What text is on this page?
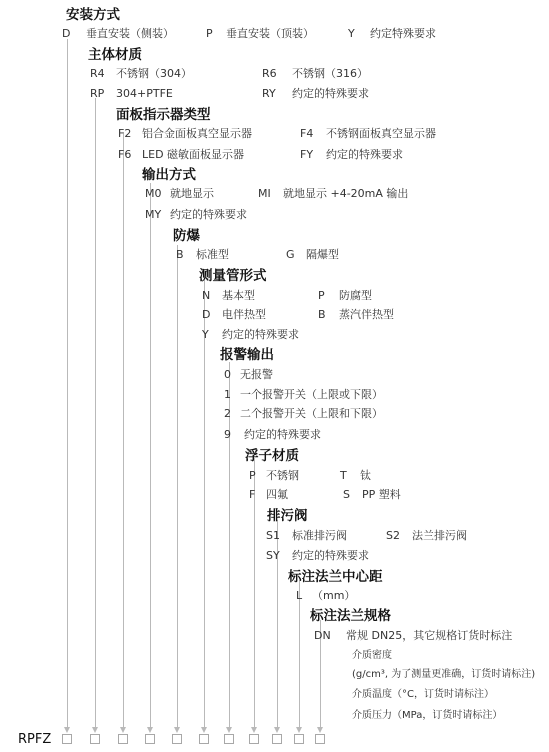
安装方式
D 垂直安装（侧装）	P 垂直安装（顶装）	Y 约定特殊要求
主体材质
R4 不锈钢（304）	R6 不锈钢（316）
RP 304+PTFE	RY 约定的特殊要求
面板指示器类型
F2 铝合金面板真空显示器	F4 不锈钢面板真空显示器
F6 LED 磁敏面板显示器	FY 约定的特殊要求
输出方式
M0 就地显示	MI 就地显示 +4-20mA 输出
MY 约定的特殊要求
防爆
B 标准型	G 隔爆型
测量管形式
N 基本型	P 防腐型
D 电伴热型	B 蒸汽伴热型
Y 约定的特殊要求
报警输出
0 无报警
1 一个报警开关（上限或下限）
2 二个报警开关（上限和下限）
9 约定的特殊要求
浮子材质
P 不锈钢	T 钛
F 四氟	S PP 塑料
排污阀
S1 标准排污阀	S2 法兰排污阀
SY 约定的特殊要求
标注法兰中心距
L （mm）
标注法兰规格
DN 常规 DN25，其它规格订货时标注
介质密度
(g/cm³, 为了测量更准确，订货时请标注)
介质温度（°C，订货时请标注）
介质压力（MPa，订货时请标注）
RPFZ
